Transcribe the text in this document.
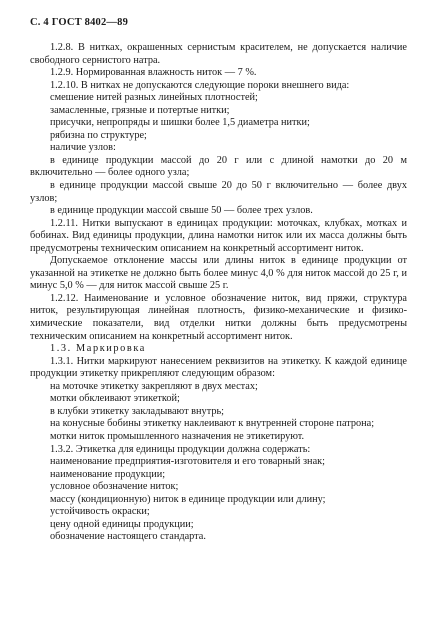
С. 4 ГОСТ 8402—89

1.2.8. В нитках, окрашенных сернистым красителем, не допускается наличие свободного сернистого натра.

1.2.9. Нормированная влажность ниток — 7 %.

1.2.10. В нитках не допускаются следующие пороки внешнего вида:

смешение нитей разных линейных плотностей;

замасленные, грязные и потертые нитки;

присучки, непропряды и шишки более 1,5 диаметра нитки;

рябизна по структуре;

наличие узлов:

в единице продукции массой до 20 г или с длиной намотки до 20 м включительно — более одного узла;

в единице продукции массой свыше 20 до 50 г включительно — более двух узлов;

в единице продукции массой свыше 50 — более трех узлов.

1.2.11. Нитки выпускают в единицах продукции: моточках, клубках, мотках и бобинах. Вид единицы продукции, длина намотки ниток или их масса должны быть предусмотрены техническим описанием на конкретный ассортимент ниток.

Допускаемое отклонение массы или длины ниток в единице продукции от указанной на этикетке не должно быть более минус 4,0 % для ниток массой до 25 г, и минус 5,0 % — для ниток массой свыше 25 г.

1.2.12. Наименование и условное обозначение ниток, вид пряжи, структура ниток, результирующая линейная плотность, физико-механические и физико-химические показатели, вид отделки нитки должны быть предусмотрены техническим описанием на конкретный ассортимент ниток.

1.3. Маркировка

1.3.1. Нитки маркируют нанесением реквизитов на этикетку. К каждой единице продукции этикетку прикрепляют следующим образом:

на моточке этикетку закрепляют в двух местах;

мотки обклеивают этикеткой;

в клубки этикетку закладывают внутрь;

на конусные бобины этикетку наклеивают к внутренней стороне патрона;

мотки ниток промышленного назначения не этикетируют.

1.3.2. Этикетка для единицы продукции должна содержать:

наименование предприятия-изготовителя и его товарный знак;

наименование продукции;

условное обозначение ниток;

массу (кондиционную) ниток в единице продукции или длину;

устойчивость окраски;

цену одной единицы продукции;

обозначение настоящего стандарта.
